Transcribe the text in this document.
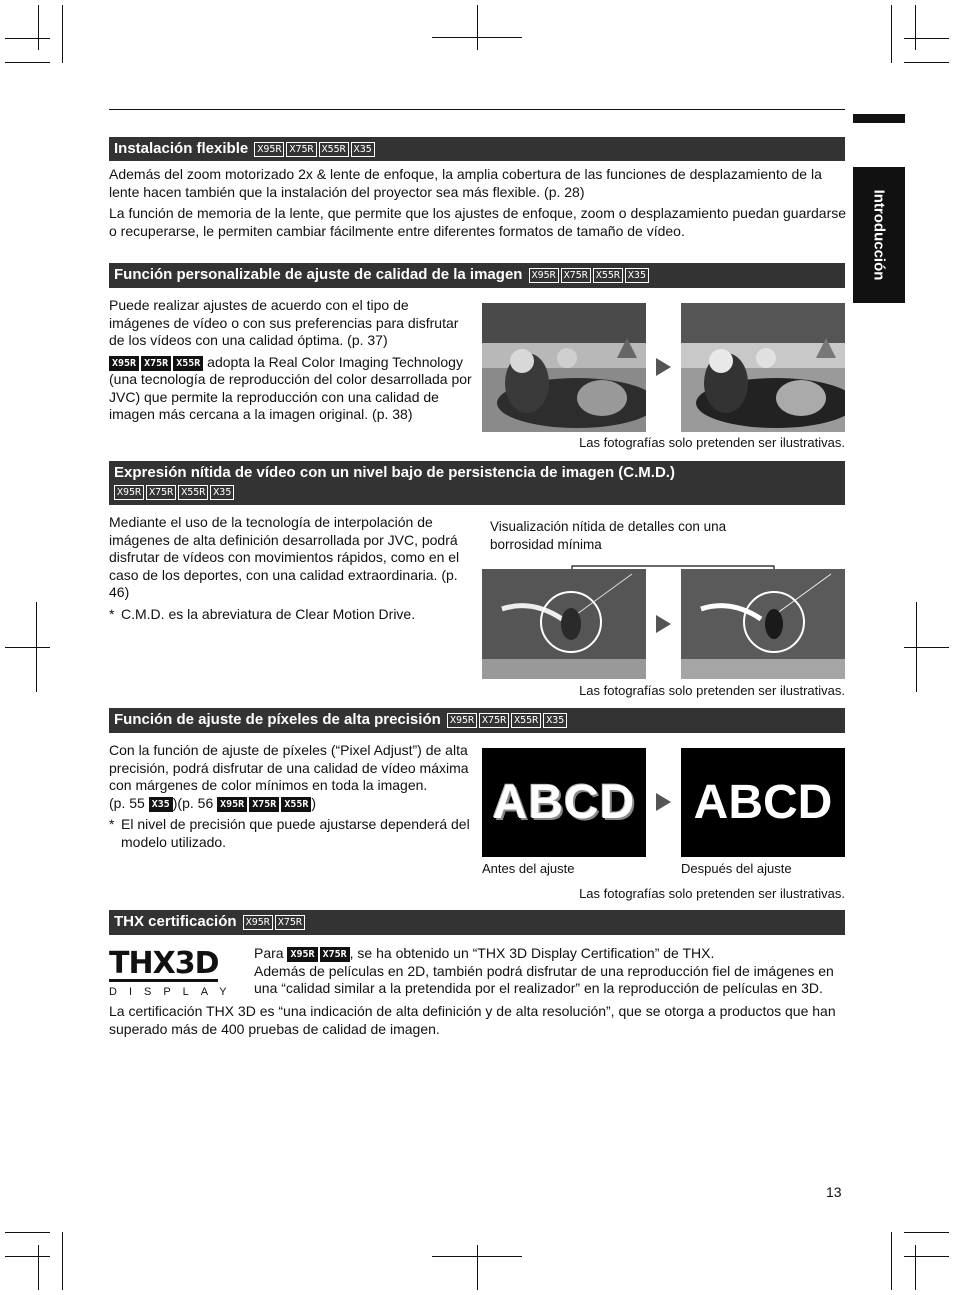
Introducción
Instalación flexible X95R X75R X55R X35

Además del zoom motorizado 2x & lente de enfoque, la amplia cobertura de las funciones de desplazamiento de la lente hacen también que la instalación del proyector sea más flexible. (p. 28)

La función de memoria de la lente, que permite que los ajustes de enfoque, zoom o desplazamiento puedan guardarse o recuperarse, le permiten cambiar fácilmente entre diferentes formatos de tamaño de vídeo.

Función personalizable de ajuste de calidad de la imagen X95R X75R X55R X35

Puede realizar ajustes de acuerdo con el tipo de imágenes de vídeo o con sus preferencias para disfrutar de los vídeos con una calidad óptima. (p. 37)

X95R X75R X55R adopta la Real Color Imaging Technology (una tecnología de reproducción del color desarrollada por JVC) que permite la reproducción con una calidad de imagen más cercana a la imagen original. (p. 38)

Las fotografías solo pretenden ser ilustrativas.
Expresión nítida de vídeo con un nivel bajo de persistencia de imagen (C.M.D.)
X95R X75R X55R X35

Mediante el uso de la tecnología de interpolación de imágenes de alta definición desarrollada por JVC, podrá disfrutar de vídeos con movimientos rápidos, como en el caso de los deportes, con una calidad extraordinaria. (p. 46)

* C.M.D. es la abreviatura de Clear Motion Drive.
Visualización nítida de detalles con una borrosidad mínima
Las fotografías solo pretenden ser ilustrativas.
Función de ajuste de píxeles de alta precisión X95R X75R X55R X35

Con la función de ajuste de píxeles (“Pixel Adjust”) de alta precisión, podrá disfrutar de una calidad de vídeo máxima con márgenes de color mínimos en toda la imagen.
(p. 55 X35 )(p. 56 X95R X75R X55R )

* El nivel de precisión que puede ajustarse dependerá del modelo utilizado.
ABCD ABCD
Antes del ajuste	Después del ajuste
Las fotografías solo pretenden ser ilustrativas.
THX certificación X95R X75R
THX3D
DISPLAY
Para X95R X75R , se ha obtenido un “THX 3D Display Certification” de THX.
Además de películas en 2D, también podrá disfrutar de una reproducción fiel de imágenes en una “calidad similar a la pretendida por el realizador” en la reproducción de películas en 3D.

La certificación THX 3D es “una indicación de alta definición y de alta resolución”, que se otorga a productos que han superado más de 400 pruebas de calidad de imagen.

13
